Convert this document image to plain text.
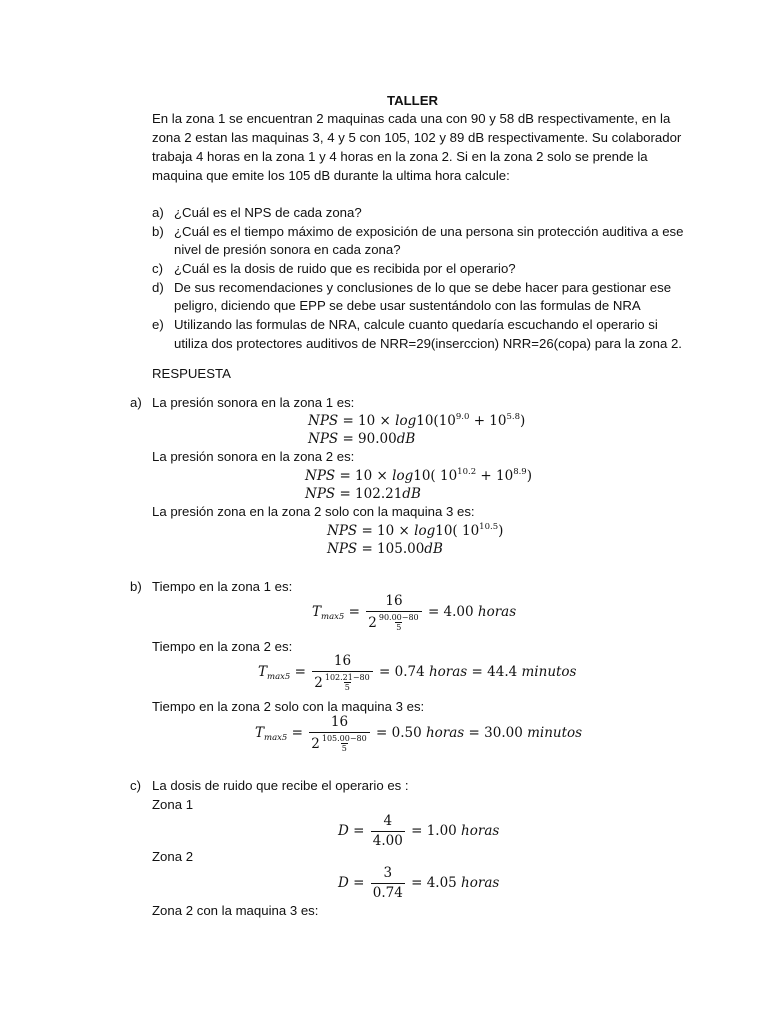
TALLER
En la zona 1 se encuentran 2 maquinas cada una con 90 y 58 dB respectivamente, en la
zona 2 estan las maquinas 3, 4 y 5 con 105, 102 y 89 dB respectivamente. Su colaborador
trabaja 4 horas en la zona 1 y 4 horas en la zona 2. Si en la zona 2 solo se prende la
maquina que emite los 105 dB durante la ultima hora calcule:
a) ¿Cuál es el NPS de cada zona?
b) ¿Cuál es el tiempo máximo de exposición de una persona sin protección auditiva a ese
nivel de presión sonora en cada zona?
c) ¿Cuál es la dosis de ruido que es recibida por el operario?
d) De sus recomendaciones y conclusiones de lo que se debe hacer para gestionar ese
peligro, diciendo que EPP se debe usar sustentándolo con las formulas de NRA
e) Utilizando las formulas de NRA, calcule cuanto quedaría escuchando el operario si
utiliza dos protectores auditivos de NRR=29(inserccion) NRR=26(copa) para la zona 2.
RESPUESTA
a) La presión sonora en la zona 1 es:
NPS = $10 \times \log 10(10^{9.0} + 10^{5.8})$
NPS = 90.00dB
La presión sonora en la zona 2 es:
NPS = 10 × log10( $10^{10.2} + 10^{8.9}$)
NPS = 102.21dB
La presión zona en la zona 2 solo con la maquina 3 es:
NPS = 10 × log10( $10^{10.5}$)
NPS = 105.00dB
b) Tiempo en la zona 1 es:
$T_{max5} = \frac{16}{2 \frac{90.00-80}{5}} = 4.00$ horas
Tiempo en la zona 2 es:
$T_{max5} = \frac{16}{2 \frac{102.21-80}{5}} = 0.74$ horas = 44.4 minutos
Tiempo en la zona 2 solo con la maquina 3 es:
$T_{max5} = \frac{16}{2 \frac{105.00-80}{5}} = 0.50$ horas = 30.00 minutos
c) La dosis de ruido que recibe el operario es :
Zona 1
$D = \frac{4}{4.00} = 1.00$ horas
Zona 2
$D = \frac{3}{0.74} = 4.05$ horas
Zona 2 con la maquina 3 es:
